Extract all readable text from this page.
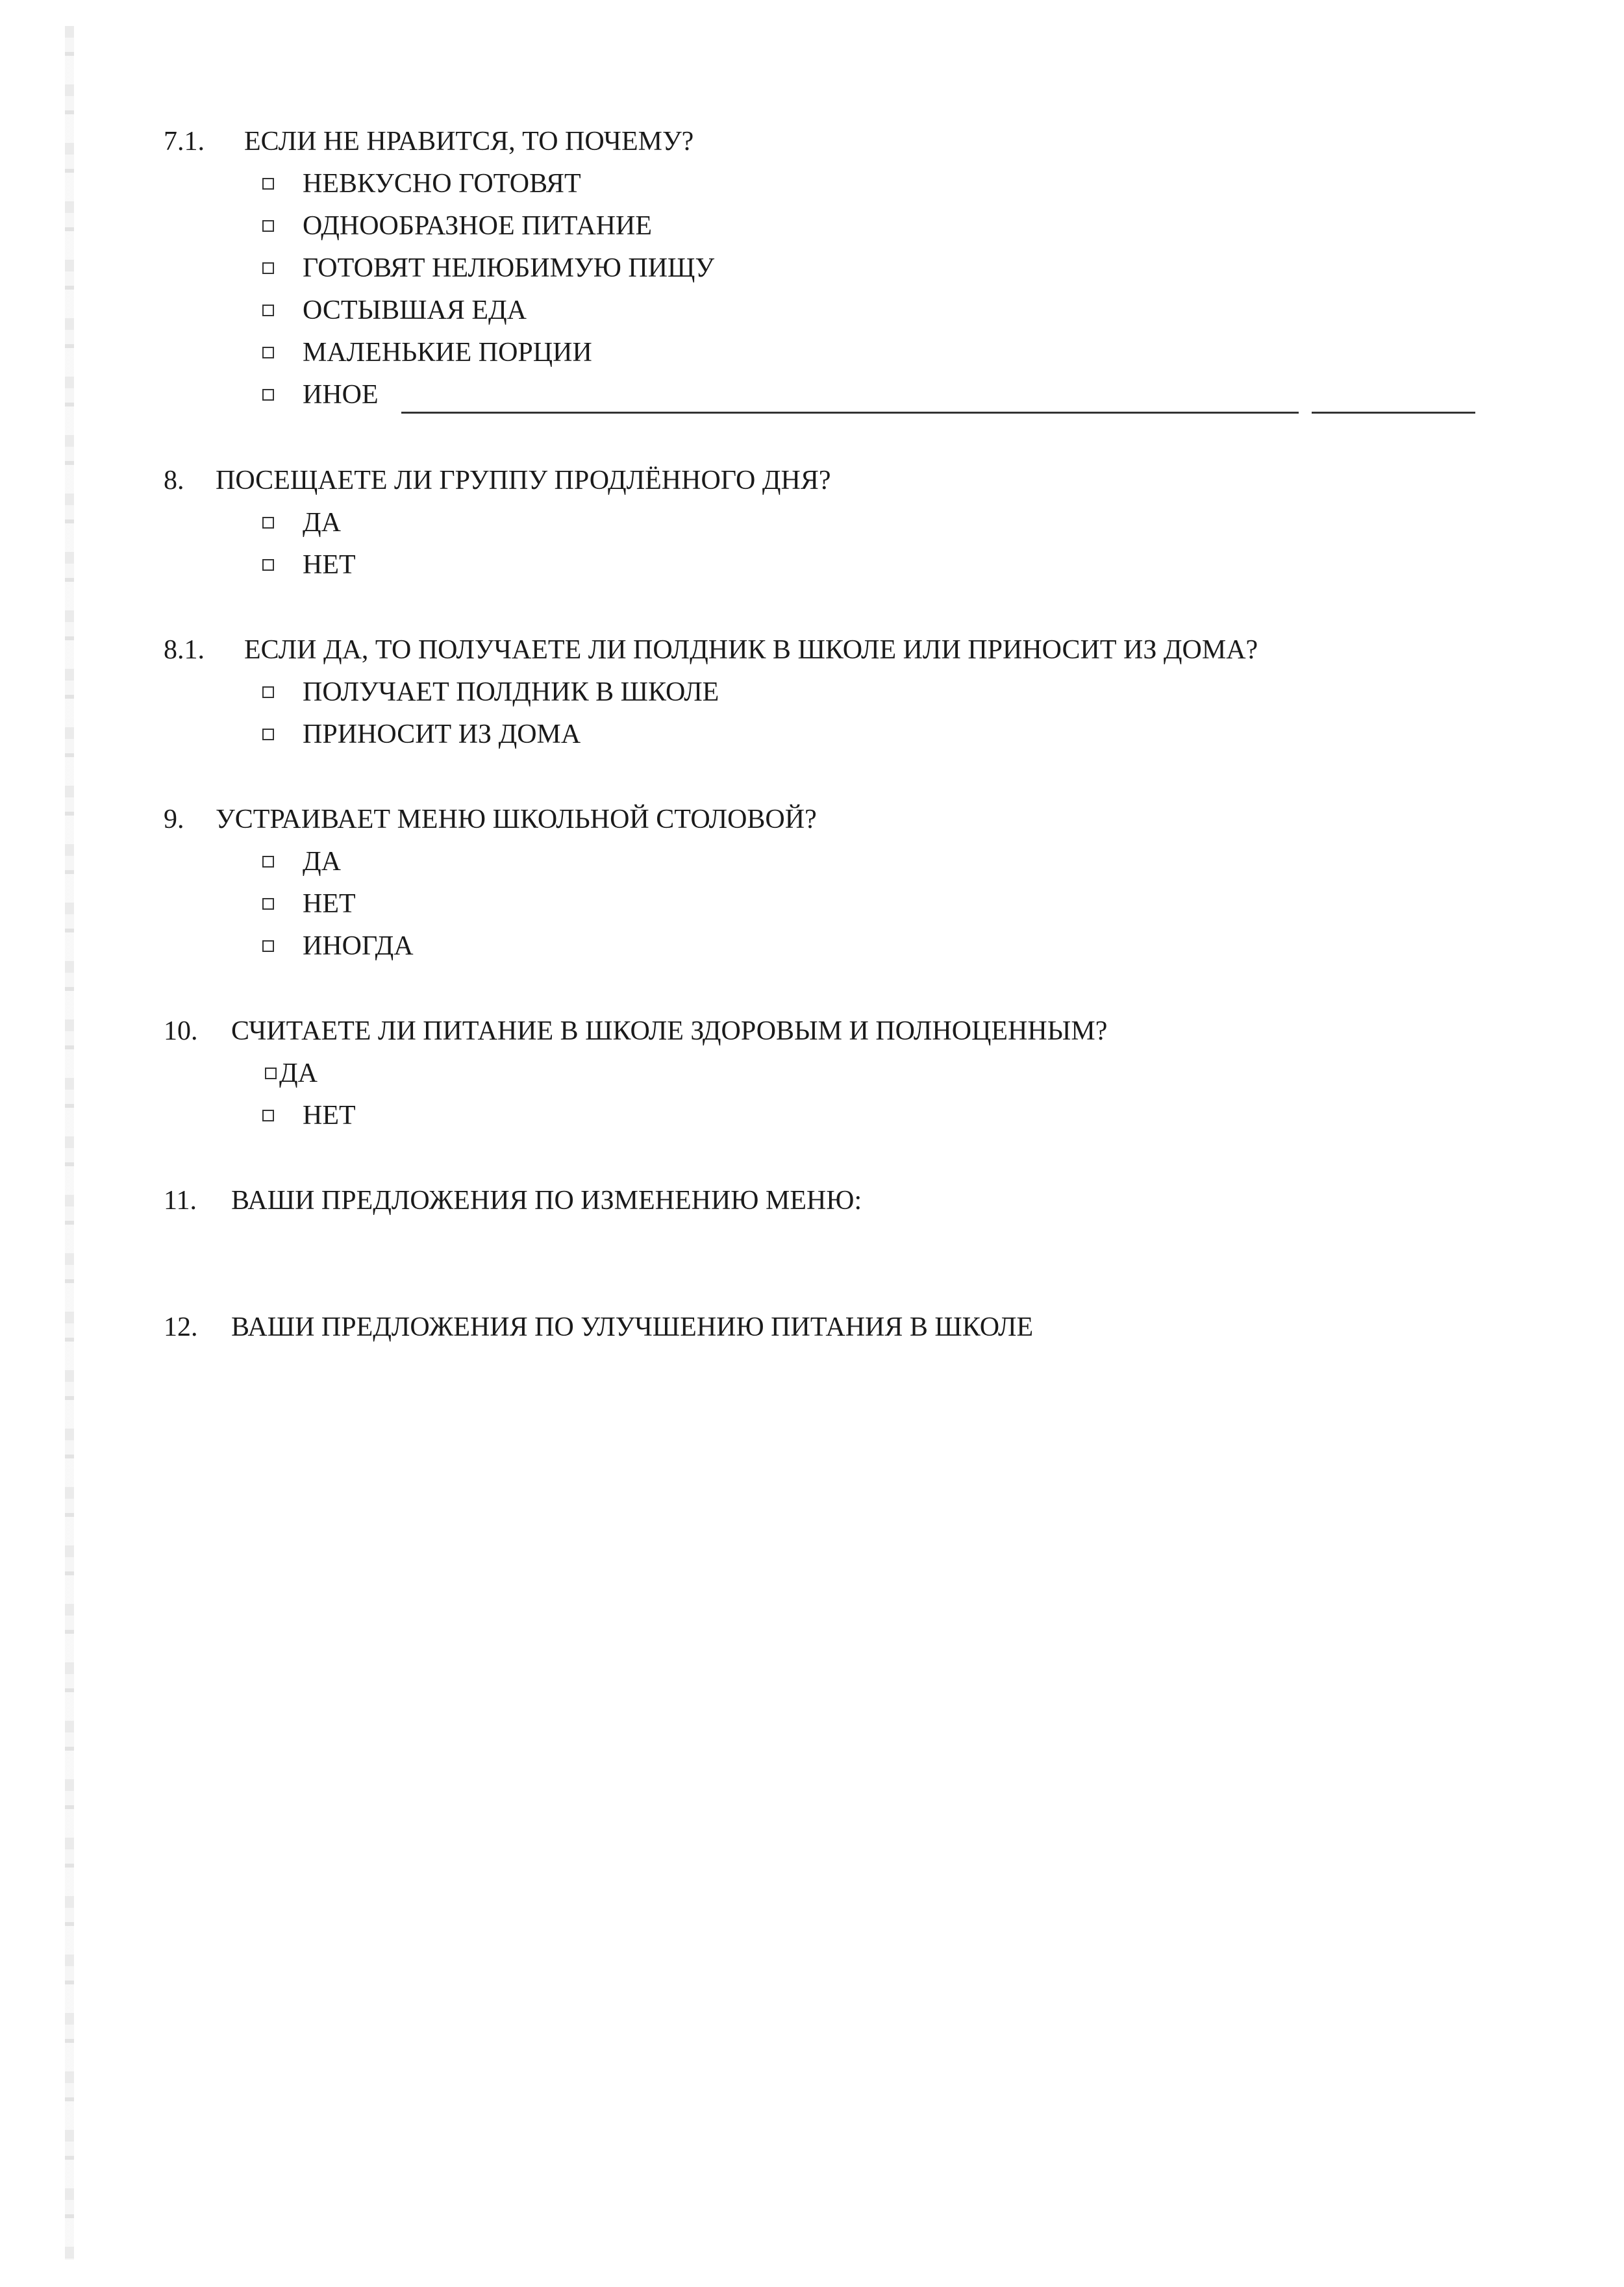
7.1. ЕСЛИ НЕ НРАВИТСЯ, ТО ПОЧЕМУ?
НЕВКУСНО ГОТОВЯТ
ОДНООБРАЗНОЕ ПИТАНИЕ
ГОТОВЯТ НЕЛЮБИМУЮ ПИЩУ
ОСТЫВШАЯ ЕДА
МАЛЕНЬКИЕ ПОРЦИИ
ИНОЕ
8. ПОСЕЩАЕТЕ ЛИ ГРУППУ ПРОДЛЁННОГО ДНЯ?
ДА
НЕТ
8.1. ЕСЛИ ДА, ТО ПОЛУЧАЕТЕ ЛИ ПОЛДНИК В ШКОЛЕ ИЛИ ПРИНОСИТ ИЗ ДОМА?
ПОЛУЧАЕТ ПОЛДНИК В ШКОЛЕ
ПРИНОСИТ ИЗ ДОМА
9. УСТРАИВАЕТ МЕНЮ ШКОЛЬНОЙ СТОЛОВОЙ?
ДА
НЕТ
ИНОГДА
10. СЧИТАЕТЕ ЛИ ПИТАНИЕ В ШКОЛЕ ЗДОРОВЫМ И ПОЛНОЦЕННЫМ?
ДА
НЕТ
11. ВАШИ ПРЕДЛОЖЕНИЯ ПО ИЗМЕНЕНИЮ МЕНЮ:
12. ВАШИ ПРЕДЛОЖЕНИЯ ПО УЛУЧШЕНИЮ ПИТАНИЯ В ШКОЛЕ
